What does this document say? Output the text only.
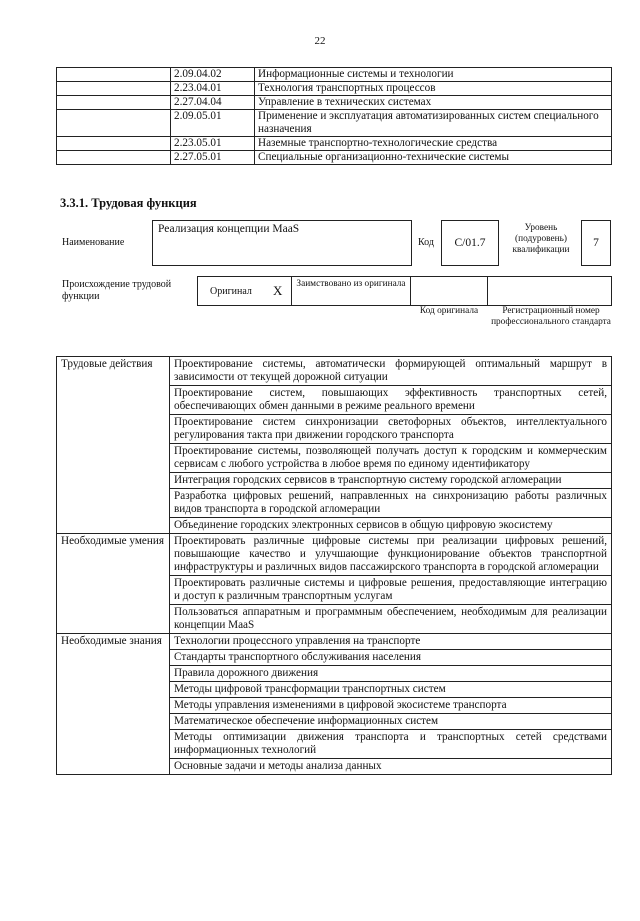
22
	2.09.04.02	Информационные системы и технологии
	2.23.04.01	Технология транспортных процессов
	2.27.04.04	Управление в технических системах
	2.09.05.01	Применение и эксплуатация автоматизированных систем специального назначения
	2.23.05.01	Наземные транспортно-технологические средства
	2.27.05.01	Специальные организационно-технические системы
3.3.1. Трудовая функция
Наименование
Реализация концепции MaaS
Код C/01.7
Уровень (подуровень) квалификации
7
Происхождение трудовой функции	Оригинал X	Заимствовано из оригинала
Код оригинала	Регистрационный номер профессионального стандарта
Трудовые действия	Проектирование системы, автоматически формирующей оптимальный маршрут в зависимости от текущей дорожной ситуации
	Проектирование систем, повышающих эффективность транспортных сетей, обеспечивающих обмен данными в режиме реального времени
	Проектирование систем синхронизации светофорных объектов, интеллектуального регулирования такта при движении городского транспорта
	Проектирование системы, позволяющей получать доступ к городским и коммерческим сервисам с любого устройства в любое время по единому идентификатору
	Интеграция городских сервисов в транспортную систему городской агломерации
	Разработка цифровых решений, направленных на синхронизацию работы различных видов транспорта в городской агломерации
	Объединение городских электронных сервисов в общую цифровую экосистему
Необходимые умения	Проектировать различные цифровые системы при реализации цифровых решений, повышающие качество и улучшающие функционирование объектов транспортной инфраструктуры и различных видов пассажирского транспорта в городской агломерации
	Проектировать различные системы и цифровые решения, предоставляющие интеграцию и доступ к различным транспортным услугам
	Пользоваться аппаратным и программным обеспечением, необходимым для реализации концепции MaaS
Необходимые знания	Технологии процессного управления на транспорте
	Стандарты транспортного обслуживания населения
	Правила дорожного движения
	Методы цифровой трансформации транспортных систем
	Методы управления изменениями в цифровой экосистеме транспорта
	Математическое обеспечение информационных систем
	Методы оптимизации движения транспорта и транспортных сетей средствами информационных технологий
	Основные задачи и методы анализа данных
